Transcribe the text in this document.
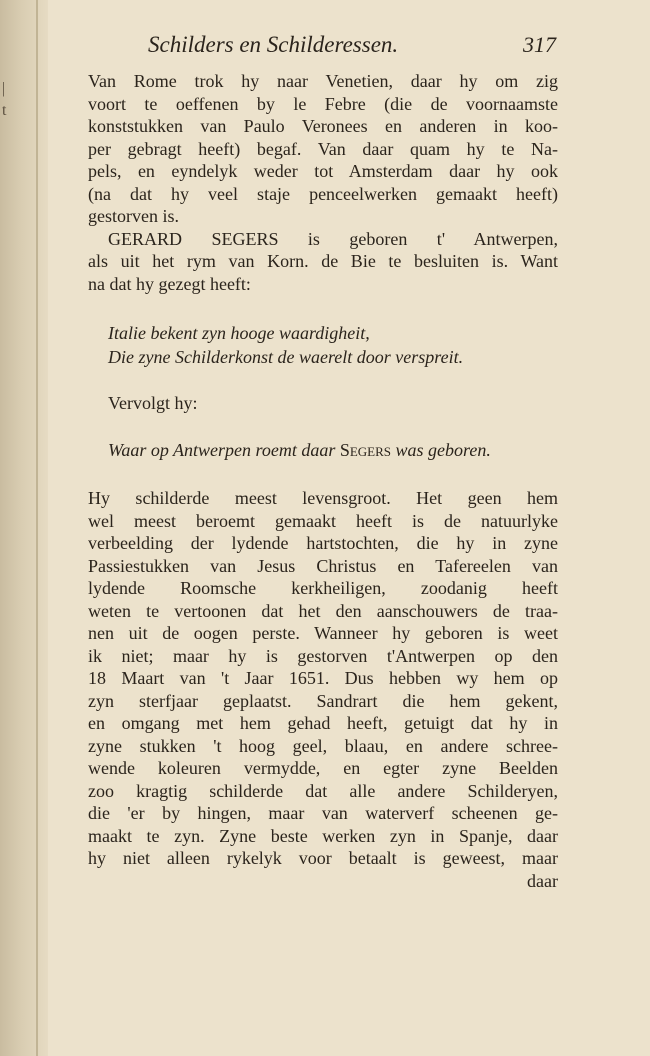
|
t
Schilders en Schilderessen.	317
Van Rome trok hy naar Venetien, daar hy om zig
voort te oeffenen by le Febre (die de voornaamste
konststukken van Paulo Veronees en anderen in koo-
per gebragt heeft) begaf. Van daar quam hy te Na-
pels, en eyndelyk weder tot Amsterdam daar hy ook
(na dat hy veel staje penceelwerken gemaakt heeft)
gestorven is.
GERARD SEGERS is geboren t' Antwerpen,
als uit het rym van Korn. de Bie te besluiten is. Want
na dat hy gezegt heeft:
Italie bekent zyn hooge waardigheit,
Die zyne Schilderkonst de waerelt door verspreit.
Vervolgt hy:
Waar op Antwerpen roemt daar Segers was geboren.
Hy schilderde meest levensgroot. Het geen hem
wel meest beroemt gemaakt heeft is de natuurlyke
verbeelding der lydende hartstochten, die hy in zyne
Passiestukken van Jesus Christus en Tafereelen van
lydende Roomsche kerkheiligen, zoodanig heeft
weten te vertoonen dat het den aanschouwers de traa-
nen uit de oogen perste. Wanneer hy geboren is weet
ik niet; maar hy is gestorven t'Antwerpen op den
18 Maart van 't Jaar 1651. Dus hebben wy hem op
zyn sterfjaar geplaatst. Sandrart die hem gekent,
en omgang met hem gehad heeft, getuigt dat hy in
zyne stukken 't hoog geel, blaau, en andere schree-
wende koleuren vermydde, en egter zyne Beelden
zoo kragtig schilderde dat alle andere Schilderyen,
die 'er by hingen, maar van waterverf scheenen ge-
maakt te zyn. Zyne beste werken zyn in Spanje, daar
hy niet alleen rykelyk voor betaalt is geweest, maar
daar
